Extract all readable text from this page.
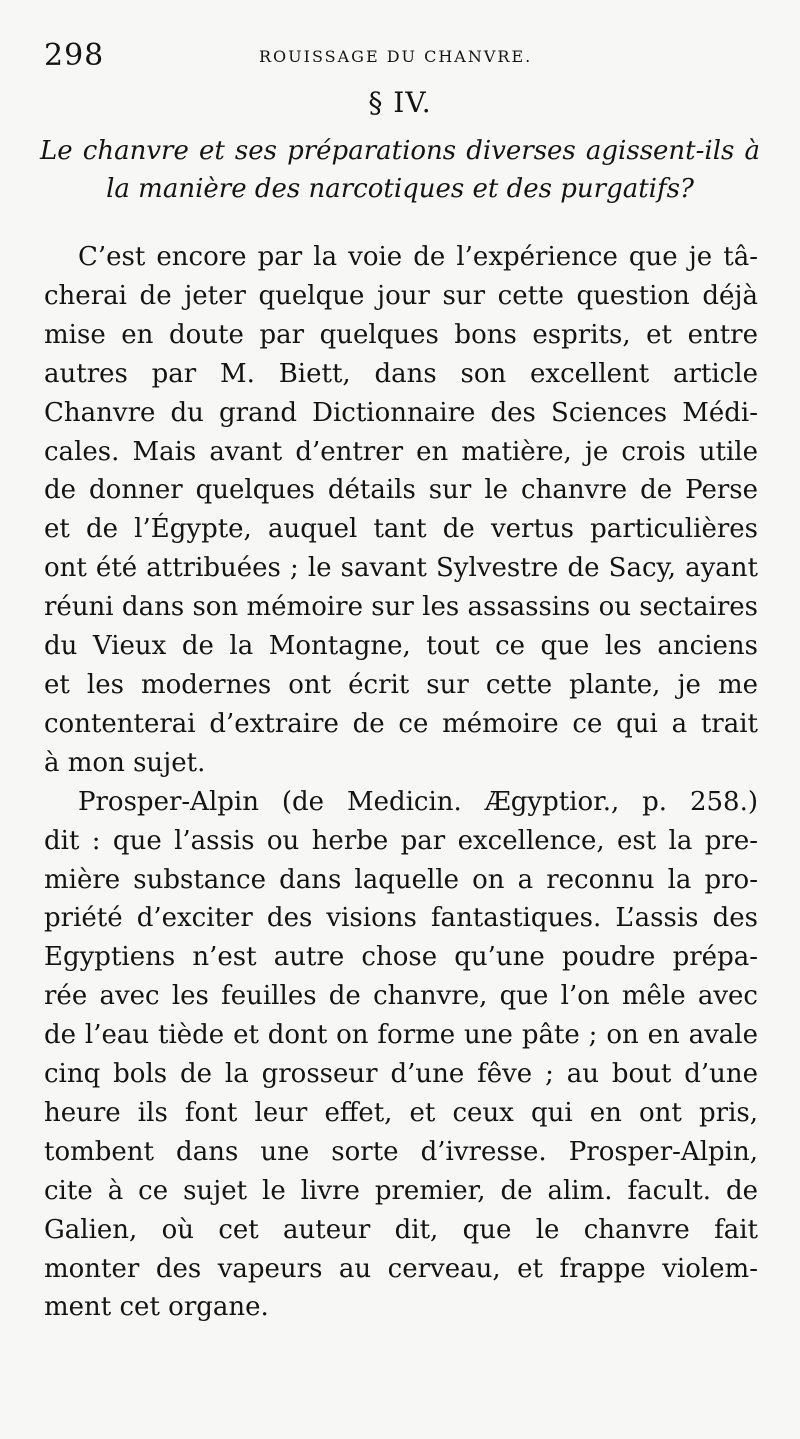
298	ROUISSAGE DU CHANVRE.
§ IV.
Le chanvre et ses préparations diverses agissent-ils à
la manière des narcotiques et des purgatifs?
C’est encore par la voie de l’expérience que je tâ-
cherai de jeter quelque jour sur cette question déjà
mise en doute par quelques bons esprits, et entre
autres par M. Biett, dans son excellent article
Chanvre du grand Dictionnaire des Sciences Médi-
cales. Mais avant d’entrer en matière, je crois utile
de donner quelques détails sur le chanvre de Perse
et de l’Égypte, auquel tant de vertus particulières
ont été attribuées ; le savant Sylvestre de Sacy, ayant
réuni dans son mémoire sur les assassins ou sectaires
du Vieux de la Montagne, tout ce que les anciens
et les modernes ont écrit sur cette plante, je me
contenterai d’extraire de ce mémoire ce qui a trait
à mon sujet.
Prosper-Alpin (de Medicin. Ægyptior., p. 258.)
dit : que l’assis ou herbe par excellence, est la pre-
mière substance dans laquelle on a reconnu la pro-
priété d’exciter des visions fantastiques. L’assis des
Egyptiens n’est autre chose qu’une poudre prépa-
rée avec les feuilles de chanvre, que l’on mêle avec
de l’eau tiède et dont on forme une pâte ; on en avale
cinq bols de la grosseur d’une fêve ; au bout d’une
heure ils font leur effet, et ceux qui en ont pris,
tombent dans une sorte d’ivresse. Prosper-Alpin,
cite à ce sujet le livre premier, de alim. facult. de
Galien, où cet auteur dit, que le chanvre fait
monter des vapeurs au cerveau, et frappe violem-
ment cet organe.
